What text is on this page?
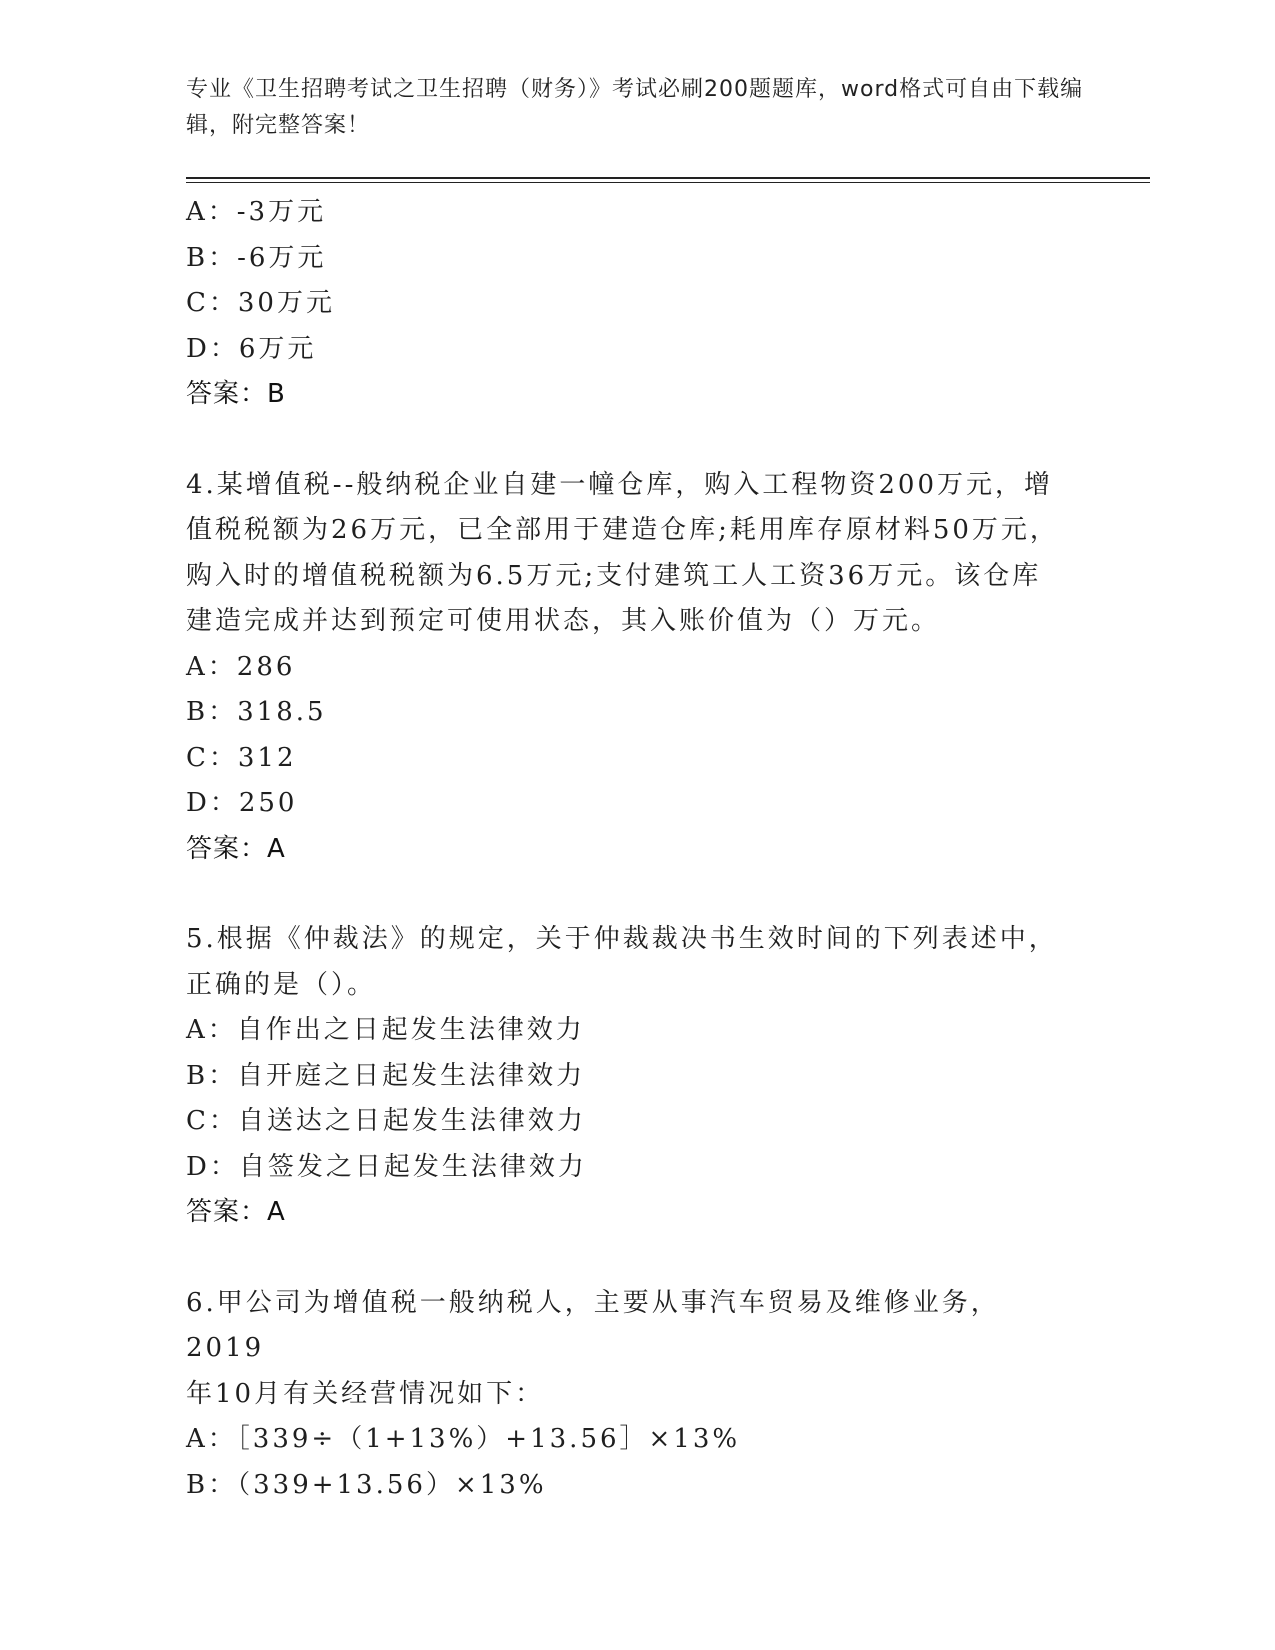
专业《卫生招聘考试之卫生招聘（财务）》考试必刷200题题库，word格式可自由下载编辑，附完整答案！
A：-3万元
B：-6万元
C：30万元
D：6万元
答案：B
4.某增值税--般纳税企业自建一幢仓库，购入工程物资200万元，增
值税税额为26万元，已全部用于建造仓库;耗用库存原材料50万元，
购入时的增值税税额为6.5万元;支付建筑工人工资36万元。该仓库
建造完成并达到预定可使用状态，其入账价值为（）万元。
A：286
B：318.5
C：312
D：250
答案：A
5.根据《仲裁法》的规定，关于仲裁裁决书生效时间的下列表述中，
正确的是（）。
A：自作出之日起发生法律效力
B：自开庭之日起发生法律效力
C：自送达之日起发生法律效力
D：自签发之日起发生法律效力
答案：A
6.甲公司为增值税一般纳税人，主要从事汽车贸易及维修业务，2019
年10月有关经营情况如下：
A：［339÷（1+13%）+13.56］×13%
B：（339+13.56）×13%
